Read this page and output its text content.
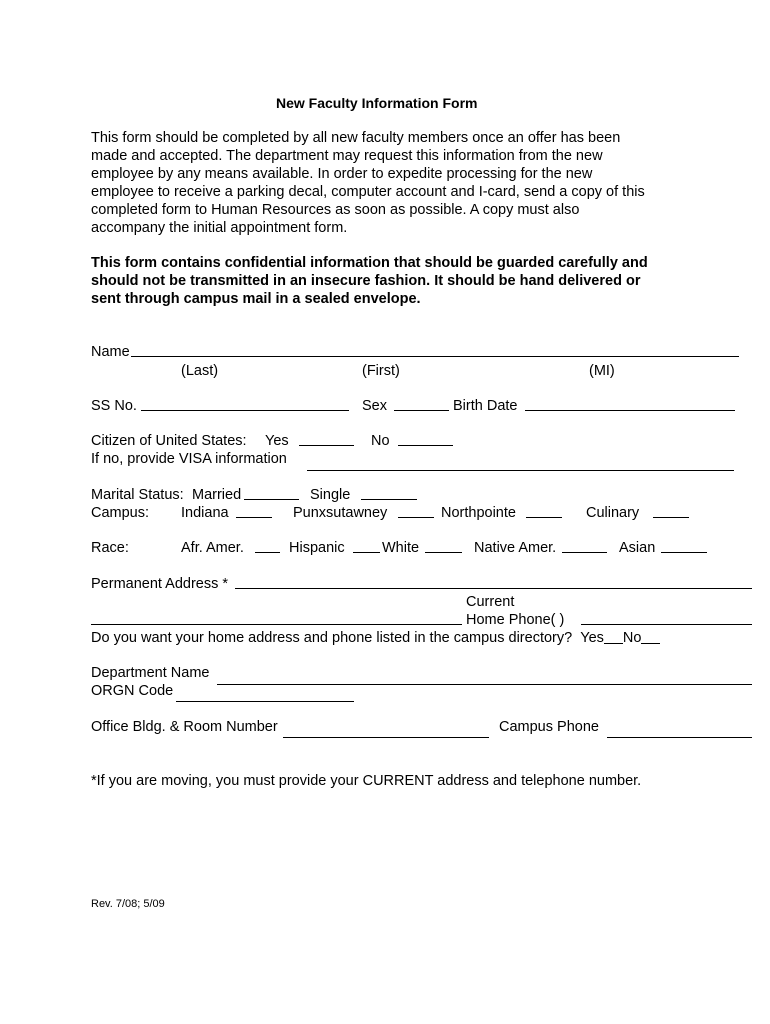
New Faculty Information Form
This form should be completed by all new faculty members once an offer has been
made and accepted. The department may request this information from the new
employee by any means available. In order to expedite processing for the new
employee to receive a parking decal, computer account and I-card, send a copy of this
completed form to Human Resources as soon as possible. A copy must also
accompany the initial appointment form.
This form contains confidential information that should be guarded carefully and
should not be transmitted in an insecure fashion. It should be hand delivered or
sent through campus mail in a sealed envelope.
Name
(Last)	(First)	(MI)
SS No.	Sex	Birth Date
Citizen of United States: Yes	No
If no, provide VISA information
Marital Status: Married	Single
Campus: Indiana	Punxsutawney	Northpointe	Culinary
Race:	Afr. Amer.	Hispanic	White	Native Amer.	Asian
Permanent Address *
Current
Home Phone( )
Do you want your home address and phone listed in the campus directory? Yes No
Department Name
ORGN Code
Office Bldg. & Room Number	Campus Phone
*If you are moving, you must provide your CURRENT address and telephone number.
Rev. 7/08; 5/09
